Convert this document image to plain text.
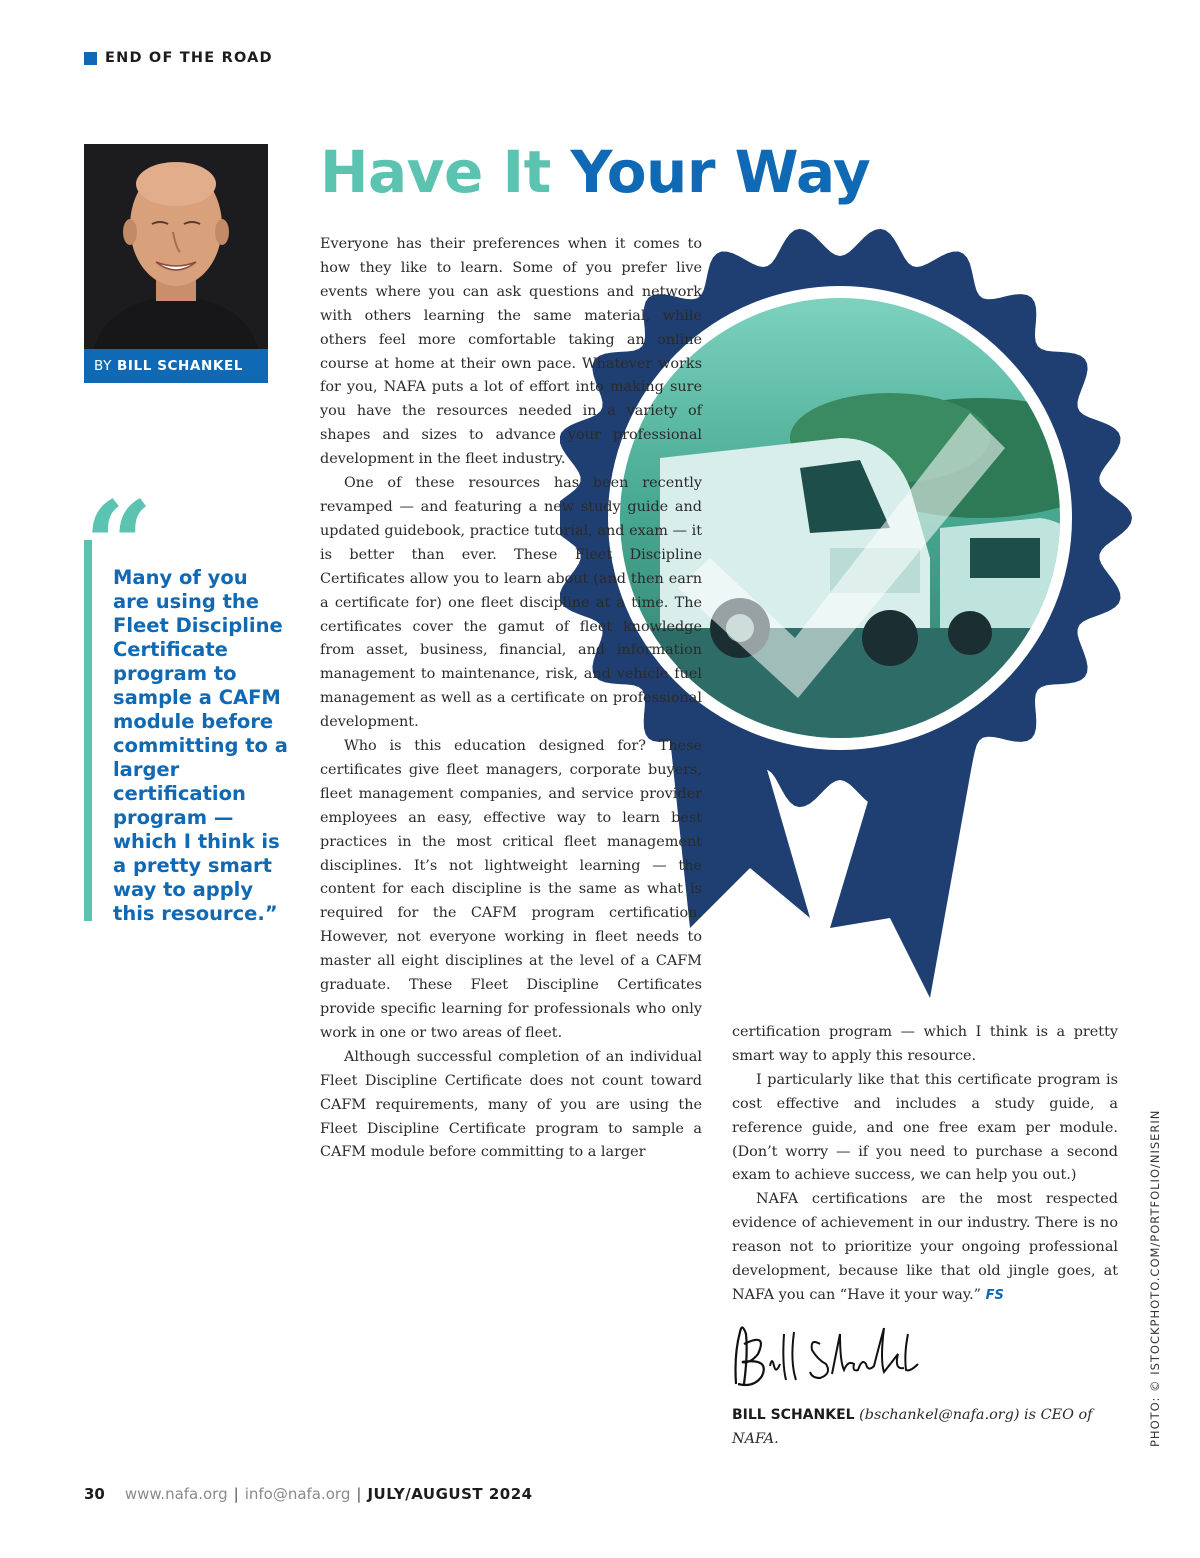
END OF THE ROAD
BY BILL SCHANKEL
Have It Your Way
“
Many of you are using the Fleet Discipline Certificate program to sample a CAFM module before committing to a larger certification program — which I think is a pretty smart way to apply this resource.”

Everyone has their preferences when it comes to how they like to learn. Some of you prefer live events where you can ask questions and network with others learning the same material, while others feel more comfortable taking an online course at home at their own pace. Whatever works for you, NAFA puts a lot of effort into making sure you have the resources needed in a variety of shapes and sizes to advance your professional development in the fleet industry.

One of these resources has been recently revamped — and featuring a new study guide and updated guidebook, practice tutorial, and exam — it is better than ever. These Fleet Discipline Certificates allow you to learn about (and then earn a certificate for) one fleet discipline at a time. The certificates cover the gamut of fleet knowledge from asset, business, financial, and information management to maintenance, risk, and vehicle fuel management as well as a certificate on professional development.

Who is this education designed for? These certificates give fleet managers, corporate buyers, fleet management companies, and service provider employees an easy, effective way to learn best practices in the most critical fleet management disciplines. It’s not lightweight learning — the content for each discipline is the same as what is required for the CAFM program certification. However, not everyone working in fleet needs to master all eight disciplines at the level of a CAFM graduate. These Fleet Discipline Certificates provide specific learning for professionals who only work in one or two areas of fleet.

Although successful completion of an individual Fleet Discipline Certificate does not count toward CAFM requirements, many of you are using the Fleet Discipline Certificate program to sample a CAFM module before committing to a larger

certification program — which I think is a pretty smart way to apply this resource.

I particularly like that this certificate program is cost effective and includes a study guide, a reference guide, and one free exam per module. (Don’t worry — if you need to purchase a second exam to achieve success, we can help you out.)

NAFA certifications are the most respected evidence of achievement in our industry. There is no reason not to prioritize your ongoing professional development, because like that old jingle goes, at NAFA you can “Have it your way.” FS

BILL SCHANKEL (bschankel@nafa.org) is CEO of NAFA.	PHOTO: © ISTOCKPHOTO.COM/PORTFOLIO/NISERIN
30 www.nafa.org | info@nafa.org | JULY/AUGUST 2024
